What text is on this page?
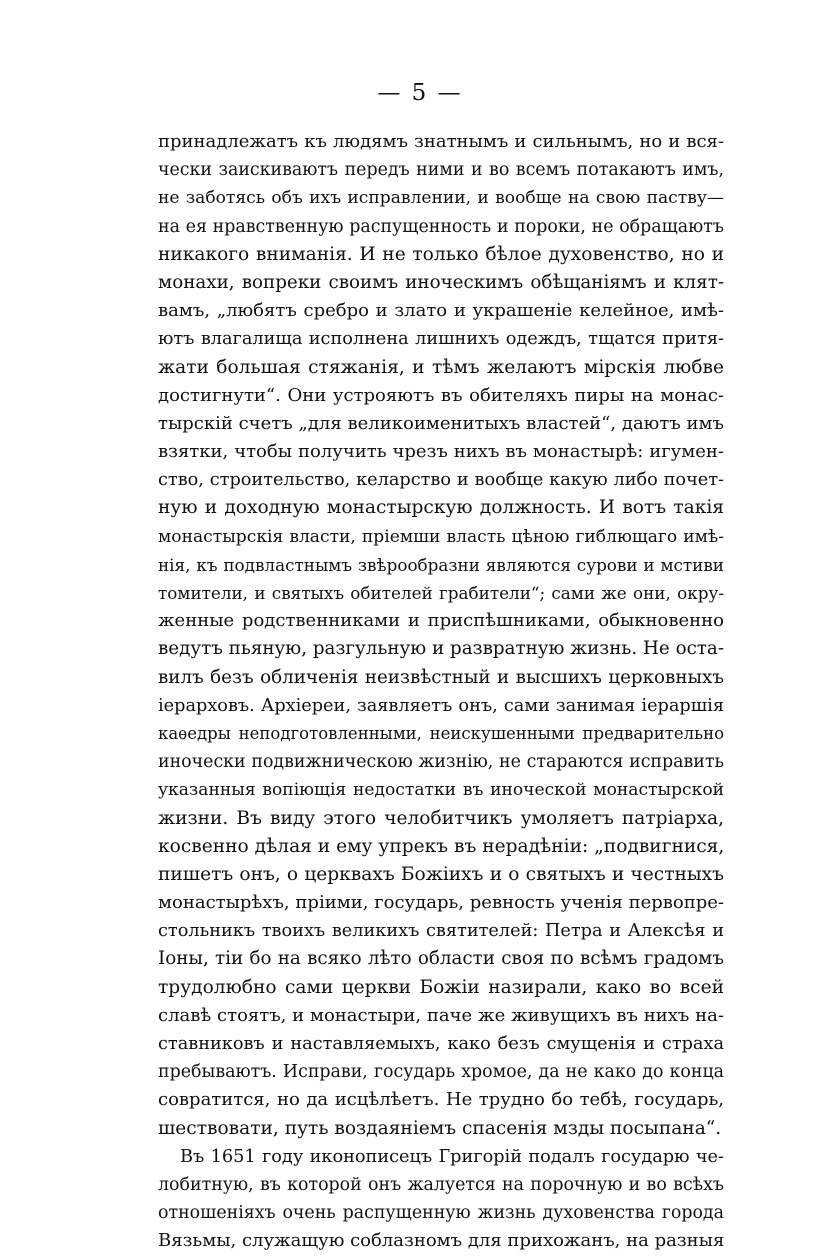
— 5 —
принадлежатъ къ людямъ знатнымъ и сильнымъ, но и вся-
чески заискиваютъ передъ ними и во всемъ потакаютъ имъ,
не заботясь объ ихъ исправлении, и вообще на свою паству—
на ея нравственную распущенность и пороки, не обращаютъ
никакого вниманія. И не только бѣлое духовенство, но и
монахи, вопреки своимъ иноческимъ обѣщаніямъ и клят-
вамъ, „любятъ сребро и злато и украшеніе келейное, имѣ-
ютъ влагалища исполнена лишнихъ одеждъ, тщатся притя-
жати большая стяжанія, и тѣмъ желаютъ мірскія любве
достигнути“. Они устрояютъ въ обителяхъ пиры на монас-
тырскій счетъ „для великоименитыхъ властей“, даютъ имъ
взятки, чтобы получить чрезъ нихъ въ монастырѣ: игумен-
ство, строительство, келарство и вообще какую либо почет-
ную и доходную монастырскую должность. И вотъ такія
монастырскія власти, пріемши власть цѣною гиблющаго имѣ-
нія, къ подвластнымъ звѣрообразни являются сурови и мстиви
томители, и святыхъ обителей грабители“; сами же они, окру-
женные родственниками и приспѣшниками, обыкновенно
ведутъ пьяную, разгульную и развратную жизнь. Не оста-
вилъ безъ обличенія неизвѣстный и высшихъ церковныхъ
іерарховъ. Архіереи, заявляетъ онъ, сами занимая іераршія
каѳедры неподготовленными, неискушенными предварительно
иночески подвижническою жизнію, не стараются исправить
указанныя вопіющія недостатки въ иноческой монастырской
жизни. Въ виду этого челобитчикъ умоляетъ патріарха,
косвенно дѣлая и ему упрекъ въ нерадѣніи: „подвигнися,
пишетъ онъ, о церквахъ Божіихъ и о святыхъ и честныхъ
монастырѣхъ, пріими, государь, ревность ученія первопре-
стольникъ твоихъ великихъ святителей: Петра и Алексѣя и
Іоны, тіи бо на всяко лѣто области своя по всѣмъ градомъ
трудолюбно сами церкви Божіи назирали, како во всей
славѣ стоятъ, и монастыри, паче же живущихъ въ нихъ на-
ставниковъ и наставляемыхъ, како безъ смущенія и страха
пребываютъ. Исправи, государь хромое, да не како до конца
совратится, но да исцѣлѣетъ. Не трудно бо тебѣ, государь,
шествовати, путь воздаяніемъ спасенія мзды посыпана“.
Въ 1651 году иконописецъ Григорій подалъ государю че-
лобитную, въ которой онъ жалуется на порочную и во всѣхъ
отношеніяхъ очень распущенную жизнь духовенства города
Вязьмы, служащую соблазномъ для прихожанъ, на разныя
